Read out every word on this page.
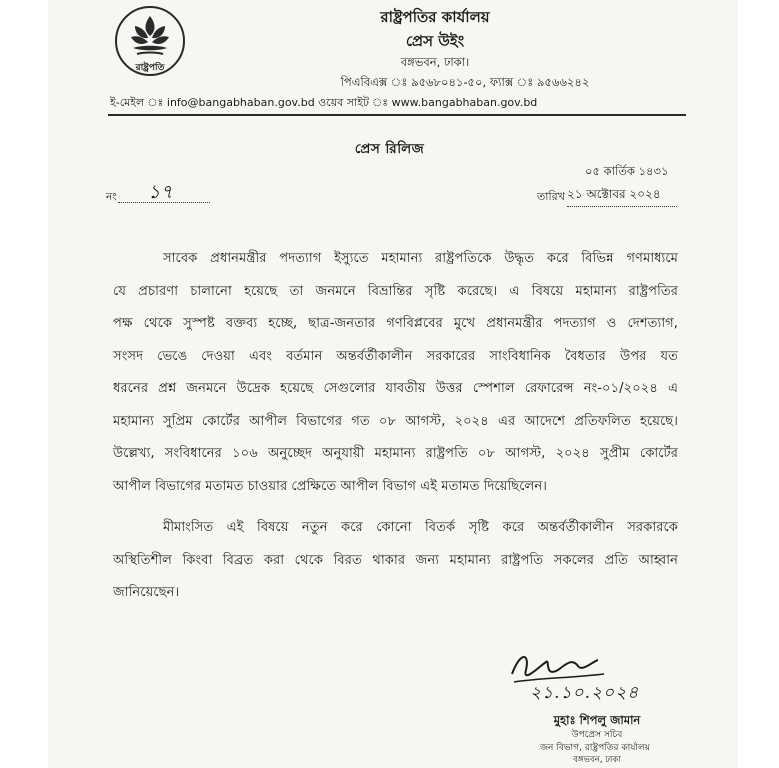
রাষ্ট্রপতি
রাষ্ট্রপতির কার্যালয়
প্রেস উইং
বঙ্গভবন, ঢাকা।
পিএবিএক্স ঃ ৯৫৬৮০৪১-৫০, ফ্যাক্স ঃ ৯৫৬৬২৪২
ই-মেইল ঃ info@bangabhaban.gov.bd ওয়েব সাইট ঃ www.bangabhaban.gov.bd
প্রেস রিলিজ
০৫ কার্তিক ১৪৩১
তারিখ ২১ অক্টোবর ২০২৪
নং ১৭
সাবেক প্রধানমন্ত্রীর পদত্যাগ ইস্যুতে মহামান্য রাষ্ট্রপতিকে উদ্ধৃত করে বিভিন্ন গণমাধ্যমে
যে প্রচারণা চালানো হয়েছে তা জনমনে বিভ্রান্তির সৃষ্টি করেছে। এ বিষয়ে মহামান্য রাষ্ট্রপতির
পক্ষ থেকে সুস্পষ্ট বক্তব্য হচ্ছে, ছাত্র-জনতার গণবিপ্লবের মুখে প্রধানমন্ত্রীর পদত্যাগ ও দেশত্যাগ,
সংসদ ভেঙে দেওয়া এবং বর্তমান অন্তর্বর্তীকালীন সরকারের সাংবিধানিক বৈধতার উপর যত
ধরনের প্রশ্ন জনমনে উদ্রেক হয়েছে সেগুলোর যাবতীয় উত্তর স্পেশাল রেফারেন্স নং-০১/২০২৪ এ
মহামান্য সুপ্রিম কোর্টের আপীল বিভাগের গত ০৮ আগস্ট, ২০২৪ এর আদেশে প্রতিফলিত হয়েছে।
উল্লেখ্য, সংবিধানের ১০৬ অনুচ্ছেদ অনুযায়ী মহামান্য রাষ্ট্রপতি ০৮ আগস্ট, ২০২৪ সুপ্রীম কোর্টের
আপীল বিভাগের মতামত চাওয়ার প্রেক্ষিতে আপীল বিভাগ এই মতামত দিয়েছিলেন।
মীমাংসিত এই বিষয়ে নতুন করে কোনো বিতর্ক সৃষ্টি করে অন্তর্বর্তীকালীন সরকারকে
অস্থিতিশীল কিংবা বিব্রত করা থেকে বিরত থাকার জন্য মহামান্য রাষ্ট্রপতি সকলের প্রতি আহ্বান
জানিয়েছেন।
২১.১০.২০২৪
মুহাঃ শিপলু জামান
উপপ্রেস সচিব
জন বিভাগ, রাষ্ট্রপতির কার্যালয়
বঙ্গভবন, ঢাকা
